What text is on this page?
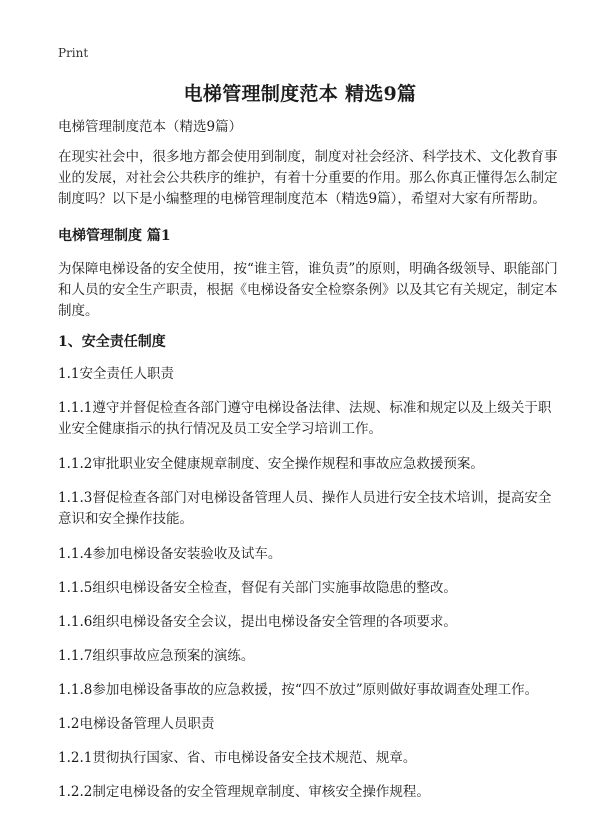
Print
电梯管理制度范本 精选9篇

电梯管理制度范本（精选9篇）

在现实社会中，很多地方都会使用到制度，制度对社会经济、科学技术、文化教育事业的发展，对社会公共秩序的维护，有着十分重要的作用。那么你真正懂得怎么制定制度吗？以下是小编整理的电梯管理制度范本（精选9篇），希望对大家有所帮助。

电梯管理制度 篇1

为保障电梯设备的安全使用，按“谁主管，谁负责”的原则，明确各级领导、职能部门和人员的安全生产职责，根据《电梯设备安全检察条例》以及其它有关规定，制定本制度。

1、安全责任制度

1.1安全责任人职责

1.1.1遵守并督促检查各部门遵守电梯设备法律、法规、标准和规定以及上级关于职业安全健康指示的执行情况及员工安全学习培训工作。

1.1.2审批职业安全健康规章制度、安全操作规程和事故应急救援预案。

1.1.3督促检查各部门对电梯设备管理人员、操作人员进行安全技术培训，提高安全意识和安全操作技能。

1.1.4参加电梯设备安装验收及试车。

1.1.5组织电梯设备安全检查，督促有关部门实施事故隐患的整改。

1.1.6组织电梯设备安全会议，提出电梯设备安全管理的各项要求。

1.1.7组织事故应急预案的演练。

1.1.8参加电梯设备事故的应急救援，按“四不放过”原则做好事故调查处理工作。

1.2电梯设备管理人员职责

1.2.1贯彻执行国家、省、市电梯设备安全技术规范、规章。

1.2.2制定电梯设备的安全管理规章制度、审核安全操作规程。
